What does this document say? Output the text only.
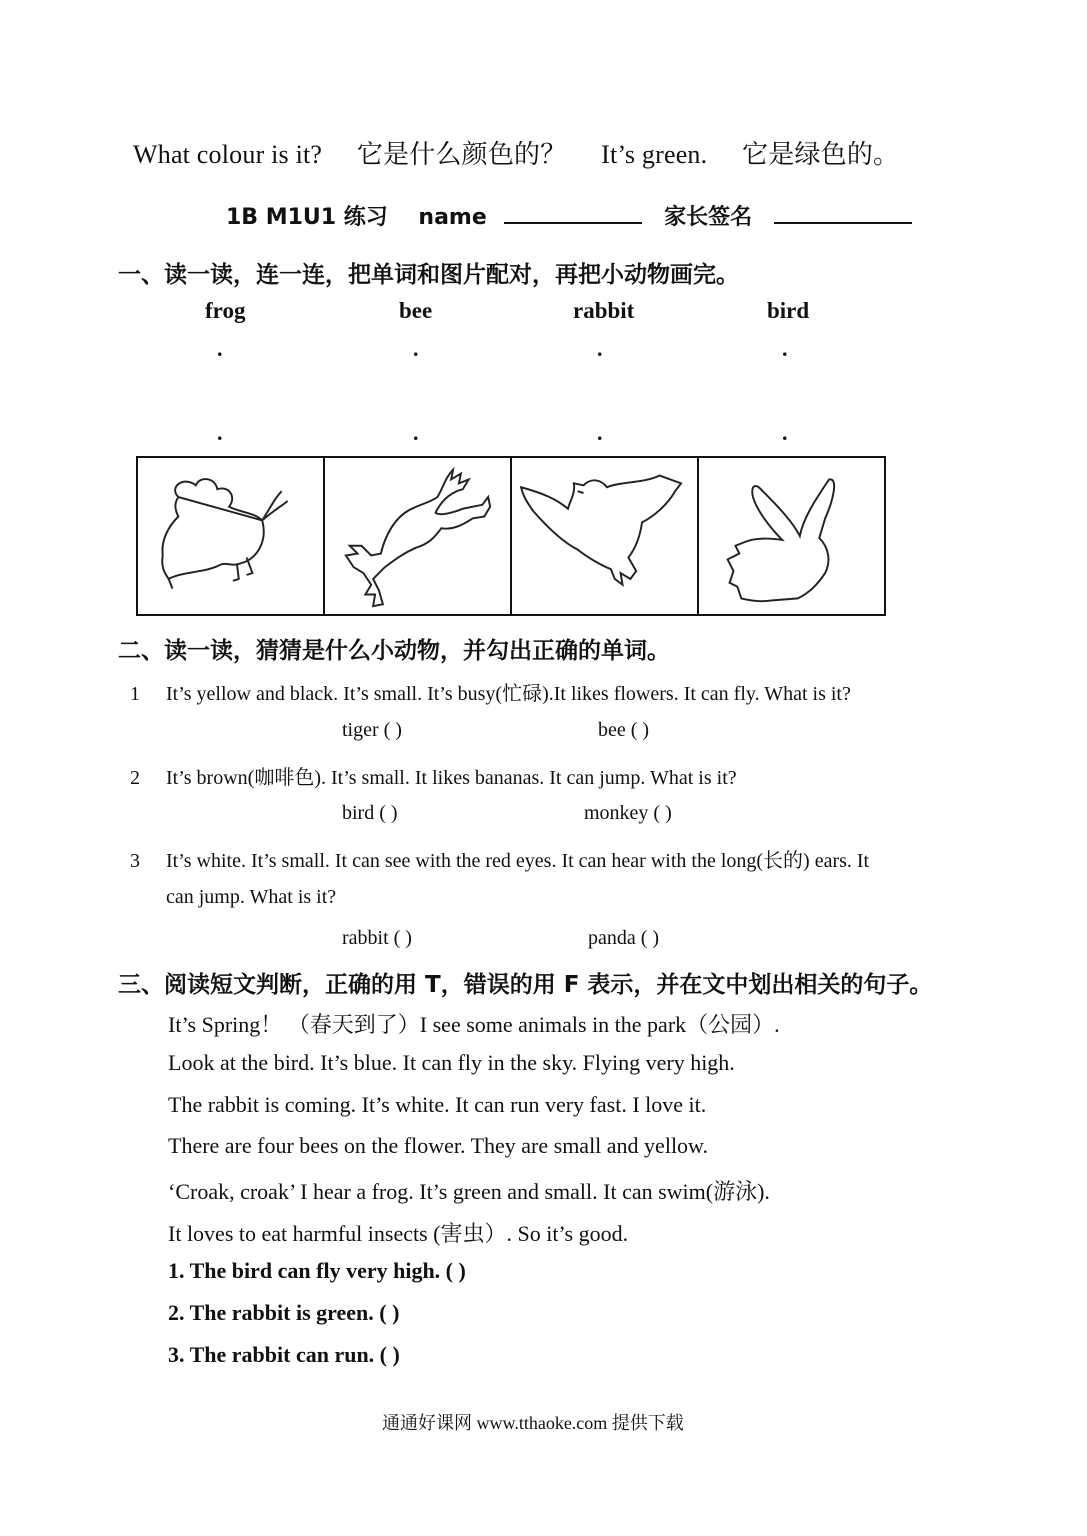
What colour is it? 它是什么颜色的？ It’s green. 它是绿色的。
1B M1U1 练习 name	家长签名
一、读一读，连一连，把单词和图片配对，再把小动物画完。
frog	bee	rabbit	bird
.	.	.	.
.	.	.	.
二、读一读，猜猜是什么小动物，并勾出正确的单词。
1 It’s yellow and black. It’s small. It’s busy(忙碌).It likes flowers. It can fly. What is it?
tiger ( )	bee ( )
2 It’s brown(咖啡色). It’s small. It likes bananas. It can jump. What is it?
bird ( )	monkey ( )
3 It’s white. It’s small. It can see with the red eyes. It can hear with the long(长的) ears. It
can jump. What is it?
rabbit ( )	panda ( )
三、阅读短文判断，正确的用 T，错误的用 F 表示，并在文中划出相关的句子。
It’s Spring！ （春天到了）I see some animals in the park（公园）.
Look at the bird. It’s blue. It can fly in the sky. Flying very high.
The rabbit is coming. It’s white. It can run very fast. I love it.
There are four bees on the flower. They are small and yellow.
‘Croak, croak’ I hear a frog. It’s green and small. It can swim(游泳).
It loves to eat harmful insects (害虫）. So it’s good.
1. The bird can fly very high. ( )
2. The rabbit is green. ( )
3. The rabbit can run. ( )
通通好课网 www.tthaoke.com 提供下载
